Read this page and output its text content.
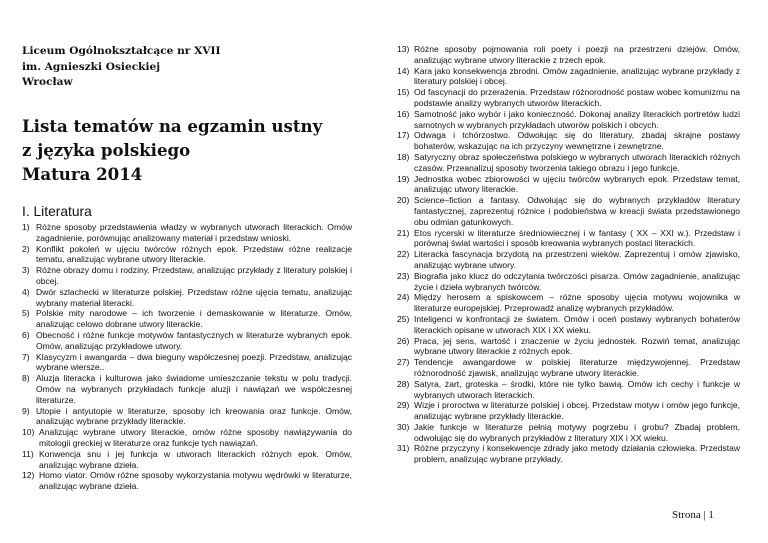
Liceum Ogólnokształcące nr XVII
im. Agnieszki Osieckiej
Wrocław
Lista tematów na egzamin ustny
z języka polskiego
Matura 2014
I. Literatura
1) Różne sposoby przedstawienia władzy w wybranych utworach literackich. Omów zagadnienie, porównując analizowany materiał i przedstaw wnioski.
2) Konflikt pokoleń w ujęciu twórców różnych epok. Przedstaw różne realizacje tematu, analizując wybrane utwory literackie.
3) Różne obrazy domu i rodziny. Przedstaw, analizując przykłady z literatury polskiej i obcej.
4) Dwór szlachecki w literaturze polskiej. Przedstaw różne ujęcia tematu, analizując wybrany materiał literacki.
5) Polskie mity narodowe – ich tworzenie i demaskowanie w literaturze. Omów, analizując celowo dobrane utwory literackie.
6) Obecność i różne funkcje motywów fantastycznych w literaturze wybranych epok. Omów, analizując przykładowe utwory.
7) Klasycyzm i awangarda – dwa bieguny współczesnej poezji. Przedstaw, analizując wybrane wiersze..
8) Aluzja literacka i kulturowa jako świadome umieszczanie tekstu w polu tradycji. Omów na wybranych przykładach funkcje aluzji i nawiązań we współczesnej literaturze.
9) Utopie i antyutopie w literaturze, sposoby ich kreowania oraz funkcje. Omów, analizując wybrane przykłady literackie.
10) Analizując wybrane utwory literackie, omów różne sposoby nawiązywania do mitologii greckiej w literaturze oraz funkcje tych nawiązań.
11) Konwencja snu i jej funkcja w utworach literackich różnych epok. Omów, analizując wybrane dzieła.
12) Homo viator. Omów różne sposoby wykorzystania motywu wędrówki w literaturze, analizując wybrane dzieła.
13) Różne sposoby pojmowania roli poety i poezji na przestrzeni dziejów. Omów, analizując wybrane utwory literackie z trzech epok.
14) Kara jako konsekwencja zbrodni. Omów zagadnienie, analizując wybrane przykłady z literatury polskiej i obcej.
15) Od fascynacji do przerażenia. Przedstaw różnorodność postaw wobec komunizmu na podstawie analizy wybranych utworów literackich.
16) Samotność jako wybór i jako konieczność. Dokonaj analizy literackich portretów ludzi samotnych w wybranych przykładach utworów polskich i obcych.
17) Odwaga i tchórzostwo. Odwołując się do literatury, zbadaj skrajne postawy bohaterów, wskazując na ich przyczyny wewnętrzne i zewnętrzne.
18) Satyryczny obraz społeczeństwa polskiego w wybranych utworach literackich różnych czasów. Przeanalizuj sposoby tworzenia takiego obrazu i jego funkcje.
19) Jednostka wobec zbiorowości w ujęciu twórców wybranych epok. Przedstaw temat, analizując utwory literackie.
20) Science–fiction a fantasy. Odwołując się do wybranych przykładów literatury fantastycznej, zaprezentuj różnice i podobieństwa w kreacji świata przedstawionego obu odmian gatunkowych.
21) Etos rycerski w literaturze średniowiecznej i w fantasy ( XX – XXI w.). Przedstaw i porównaj świat wartości i sposób kreowania wybranych postaci literackich.
22) Literacka fascynacja brzydotą na przestrzeni wieków. Zaprezentuj i omów zjawisko, analizując wybrane utwory.
23) Biografia jako klucz do odczytania twórczości pisarza. Omów zagadnienie, analizując życie i dzieła wybranych twórców.
24) Między herosem a spiskowcem – różne sposoby ujęcia motywu wojownika w literaturze europejskiej. Przeprowadź analizę wybranych przykładów.
25) Inteligenci w konfrontacji ze światem. Omów i oceń postawy wybranych bohaterów literackich opisane w utworach XIX i XX wieku.
26) Praca, jej sens, wartość i znaczenie w życiu jednostek. Rozwiń temat, analizując wybrane utwory literackie z różnych epok.
27) Tendencje awangardowe w polskiej literaturze międzywojennej. Przedstaw różnorodność zjawisk, analizując wybrane utwory literackie.
28) Satyra, żart, groteska – środki, które nie tylko bawią. Omów ich cechy i funkcje w wybranych utworach literackich.
29) Wizje i proroctwa w literaturze polskiej i obcej. Przedstaw motyw i omów jego funkcje, analizując wybrane przykłady literackie.
30) Jakie funkcje w literaturze pełnią motywy pogrzebu i grobu? Zbadaj problem, odwołując się do wybranych przykładów z literatury XIX i XX wieku.
31) Różne przyczyny i konsekwencje zdrady jako metody działania człowieka. Przedstaw problem, analizując wybrane przykłady.
Strona | 1
